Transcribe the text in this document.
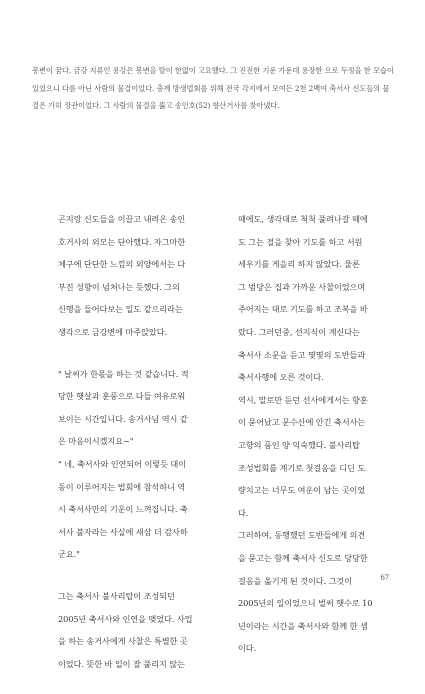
봉변이 꿈다. 금강 지류인 용강은 봉변을 탈이 한없이 고요했다. 그 진진한 기운 가운데 용장한 으로 두정을 한 모습이 있었으니 다름 아닌 사람의 물결이었다. 충계 방생법회를 위해 전국 각지에서 모여든 2천 2백여 축서사 신도들의 물결은 가히 장관이었다. 그 사람의 물결을 뚫고 송인호(52) 향산거사를 찾아냈다.

곤지랑 신도들을 이끌고 내려온 송인
호거사의 외모는 단아했다. 자그마한
체구에 단단한 느낌의 외양에서는 다
부진 성향이 넘쳐나는 듯했다. 그의
신행을 들어다보는 일도 같으리라는
생각으로 금강변에 마주앉았다.

" 날씨가 한몫을 하는 것 같습니다. 적
당한 햇살과 훈풍으로 다들 여유로워
보이는 시간입니다. 송거사님 역시 같
은 마음이시겠지요~"
" 네, 축서사와 인연되어 이렇듯 대이
동이 이루어지는 법회에 참석하니 역
시 축서사만의 기운이 느껴집니다. 축
서사 불자라는 사실에 새삼 더 감사하
군요."

그는 축서사 불사리탑이 조성되던
2005년 축서사와 인연을 맺었다. 사업
을 하는 송거사에게 사찰은 특별한 곳
이었다. 뜻한 바 일이 잘 풀리지 않는

때에도, 생각대로 척척 풀려나갈 때에
도 그는 절을 찾아 기도를 하고 서원
세우기를 게을리 하지 않았다. 물론
그 범당은 집과 가까운 사찰이었으며
주어지는 대로 기도를 하고 조복을 바
랐다. 그러던중, 선지식이 계신다는
축서사 소문을 듣고 몇몇의 도반들과
축서사행에 오른 것이다.
역시, 말로만 듣던 선사에게서는 향훈
이 묻어났고 문수산에 안긴 축서사는
고향의 품인 양 익숙했다. 불사리탑
조성법회를 계기로 첫걸음을 디딘 도
량치고는 너무도 여운이 남는 곳이었
다.
그러하여, 동행했던 도반들에게 의견
을 묻고는 함께 축서사 신도로 당당한
걸음을 옮기게 된 것이다. 그것이
2005년의 일이었으니 벌써 햇수로 10
년이라는 시간을 축서사와 함께 한 셈
이다.

67
